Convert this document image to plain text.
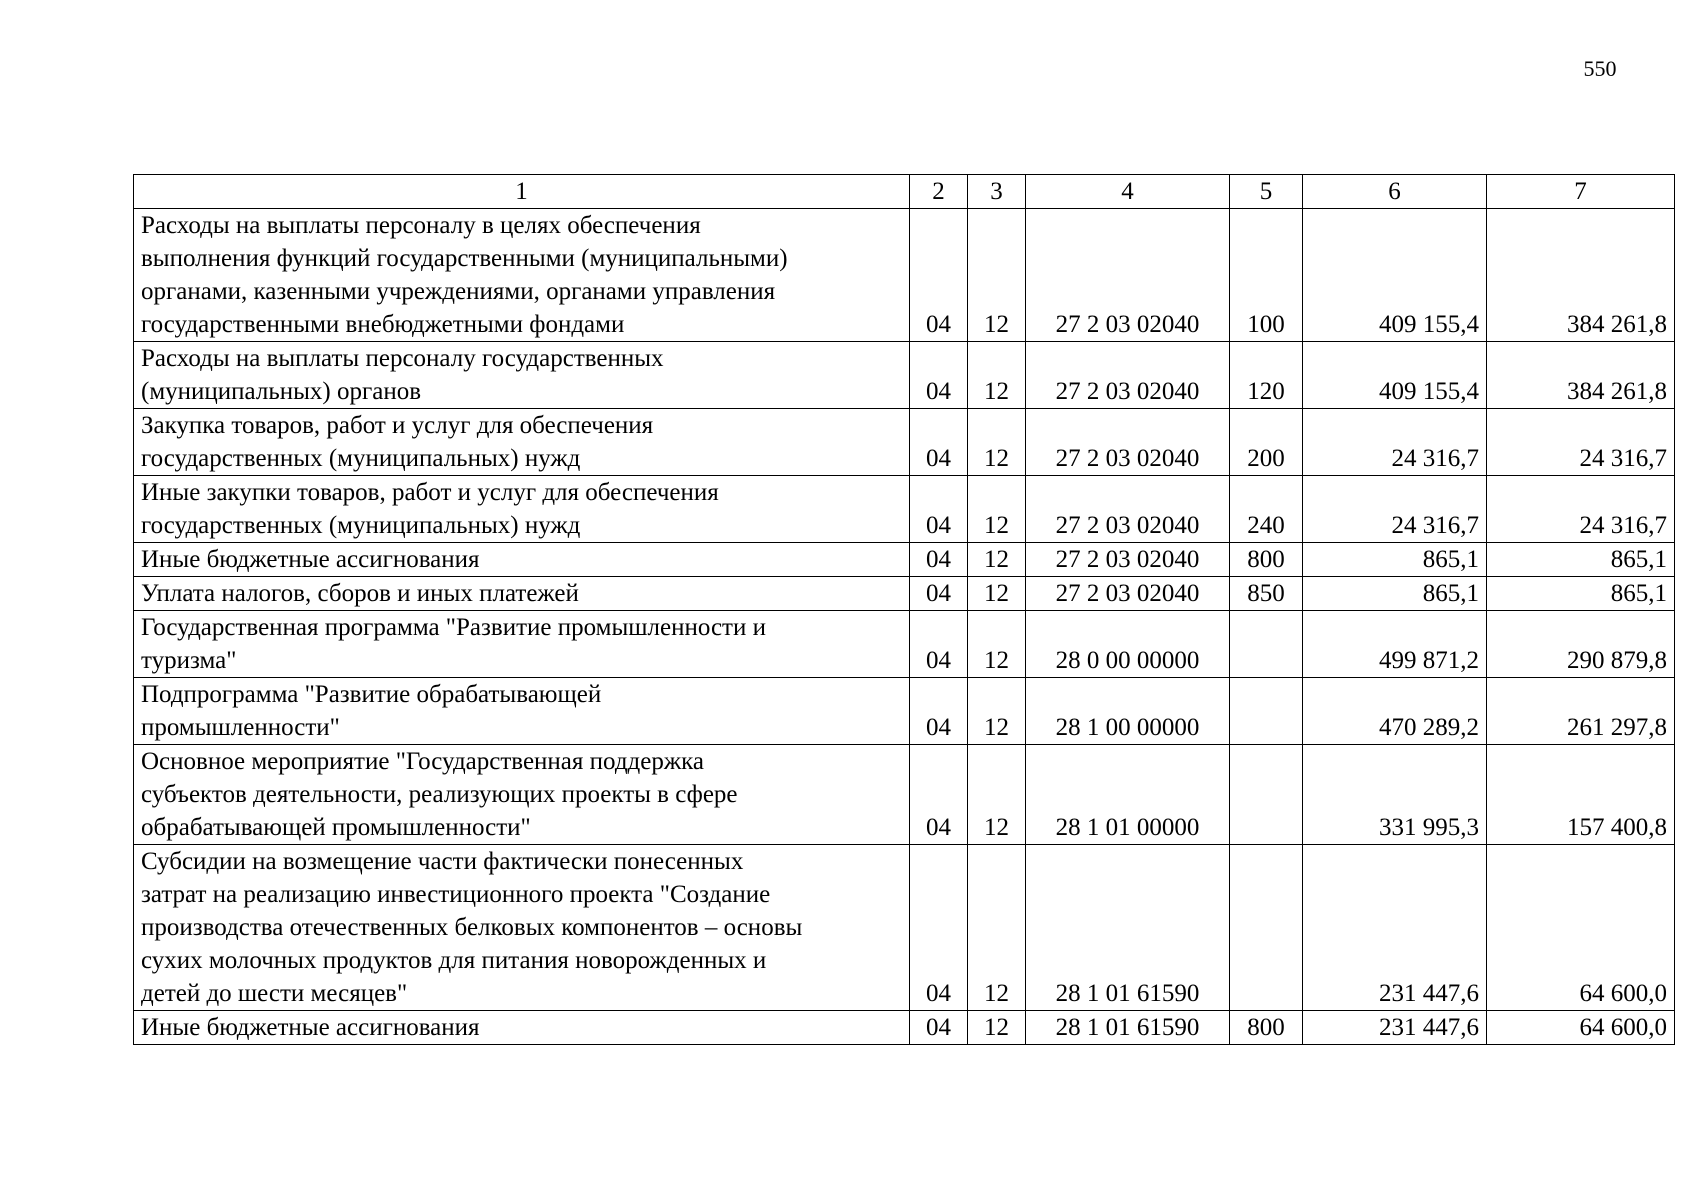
550
1	2	3	4	5	6	7

Расходы на выплаты персоналу в целях обеспечения
выполнения функций государственными (муниципальными)
органами, казенными учреждениями, органами управления
государственными внебюджетными фондами	04	12	27 2 03 02040	100	409 155,4	384 261,8

Расходы на выплаты персоналу государственных
(муниципальных) органов	04	12	27 2 03 02040	120	409 155,4	384 261,8

Закупка товаров, работ и услуг для обеспечения
государственных (муниципальных) нужд	04	12	27 2 03 02040	200	24 316,7	24 316,7

Иные закупки товаров, работ и услуг для обеспечения
государственных (муниципальных) нужд	04	12	27 2 03 02040	240	24 316,7	24 316,7

Иные бюджетные ассигнования	04	12	27 2 03 02040	800	865,1	865,1

Уплата налогов, сборов и иных платежей	04	12	27 2 03 02040	850	865,1	865,1

Государственная программа "Развитие промышленности и
туризма"	04	12	28 0 00 00000		499 871,2	290 879,8

Подпрограмма "Развитие обрабатывающей
промышленности"	04	12	28 1 00 00000		470 289,2	261 297,8

Основное мероприятие "Государственная поддержка
субъектов деятельности, реализующих проекты в сфере
обрабатывающей промышленности"	04	12	28 1 01 00000		331 995,3	157 400,8

Субсидии на возмещение части фактически понесенных
затрат на реализацию инвестиционного проекта "Создание
производства отечественных белковых компонентов – основы
сухих молочных продуктов для питания новорожденных и
детей до шести месяцев"	04	12	28 1 01 61590		231 447,6	64 600,0

Иные бюджетные ассигнования	04	12	28 1 01 61590	800	231 447,6	64 600,0
